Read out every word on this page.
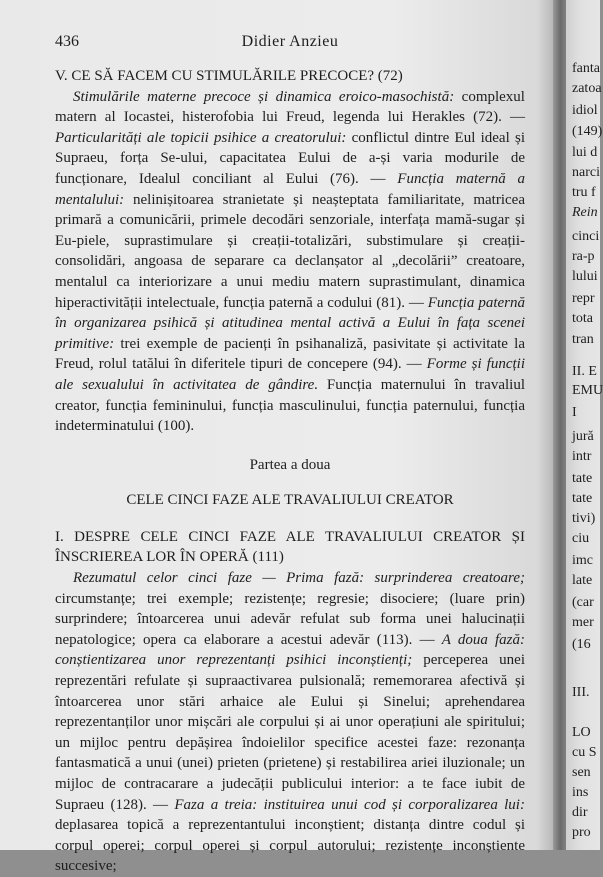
436	Didier Anzieu

V. CE SĂ FACEM CU STIMULĂRILE PRECOCE? (72)

Stimulările materne precoce și dinamica eroico-masochistă: complexul matern al Iocastei, histerofobia lui Freud, legenda lui Herakles (72). — Particularități ale topicii psihice a creatorului: conflictul dintre Eul ideal și Supraeu, forța Se-ului, capacitatea Eului de a-și varia modurile de funcționare, Idealul conciliant al Eului (76). — Funcția maternă a mentalului: nelinișitoarea stranietate și neașteptata familiaritate, matricea primară a comunicării, primele decodări senzoriale, interfața mamă-sugar și Eu-piele, suprastimulare și creații-totalizări, substimulare și creații-consolidări, angoasa de separare ca declanșator al „decolării” creatoare, mentalul ca interiorizare a unui mediu matern suprastimulant, dinamica hiperactivității intelectuale, funcția paternă a codului (81). — Funcția paternă în organizarea psihică și atitudinea mental activă a Eului în fața scenei primitive: trei exemple de pacienți în psihanaliză, pasivitate și activitate la Freud, rolul tatălui în diferitele tipuri de concepere (94). — Forme și funcții ale sexualului în activitatea de gândire. Funcția maternului în travaliul creator, funcția femininului, funcția masculinului, funcția paternului, funcția indeterminatului (100).

Partea a doua

CELE CINCI FAZE ALE TRAVALIULUI CREATOR

I. DESPRE CELE CINCI FAZE ALE TRAVALIULUI CREATOR ȘI ÎNSCRIEREA LOR ÎN OPERĂ (111)

Rezumatul celor cinci faze — Prima fază: surprinderea creatoare; circumstanțe; trei exemple; rezistențe; regresie; disociere; (luare prin) surprindere; întoarcerea unui adevăr refulat sub forma unei halucinații nepatologice; opera ca elaborare a acestui adevăr (113). — A doua fază: conștientizarea unor reprezentanți psihici inconștienți; perceperea unei reprezentări refulate și supraactivarea pulsională; rememorarea afectivă și întoarcerea unor stări arhaice ale Eului și Sinelui; aprehendarea reprezentanților unor mișcări ale corpului și ai unor operațiuni ale spiritului; un mijloc pentru depășirea îndoielilor specifice acestei faze: rezonanța fantasmatică a unui (unei) prieten (prietene) și restabilirea ariei iluzionale; un mijloc de contracarare a judecății publicului interior: a te face iubit de Supraeu (128). — Faza a treia: instituirea unui cod și corporalizarea lui: deplasarea topică a reprezentantului inconștient; distanța dintre codul și corpul operei; corpul operei și corpul autorului; rezistențe inconștiente succesive;

fanta
zatoa
idiol
(149)
lui d
narci
tru f
Rein
cinci
ra-p
lului
repr
tota
tran
II. E
EMU
I
jură
intr
tate
tate
tivi)
ciu
imc
late
(car
mer
(16
III.
LO
cu S
sen
ins
dir
pro
